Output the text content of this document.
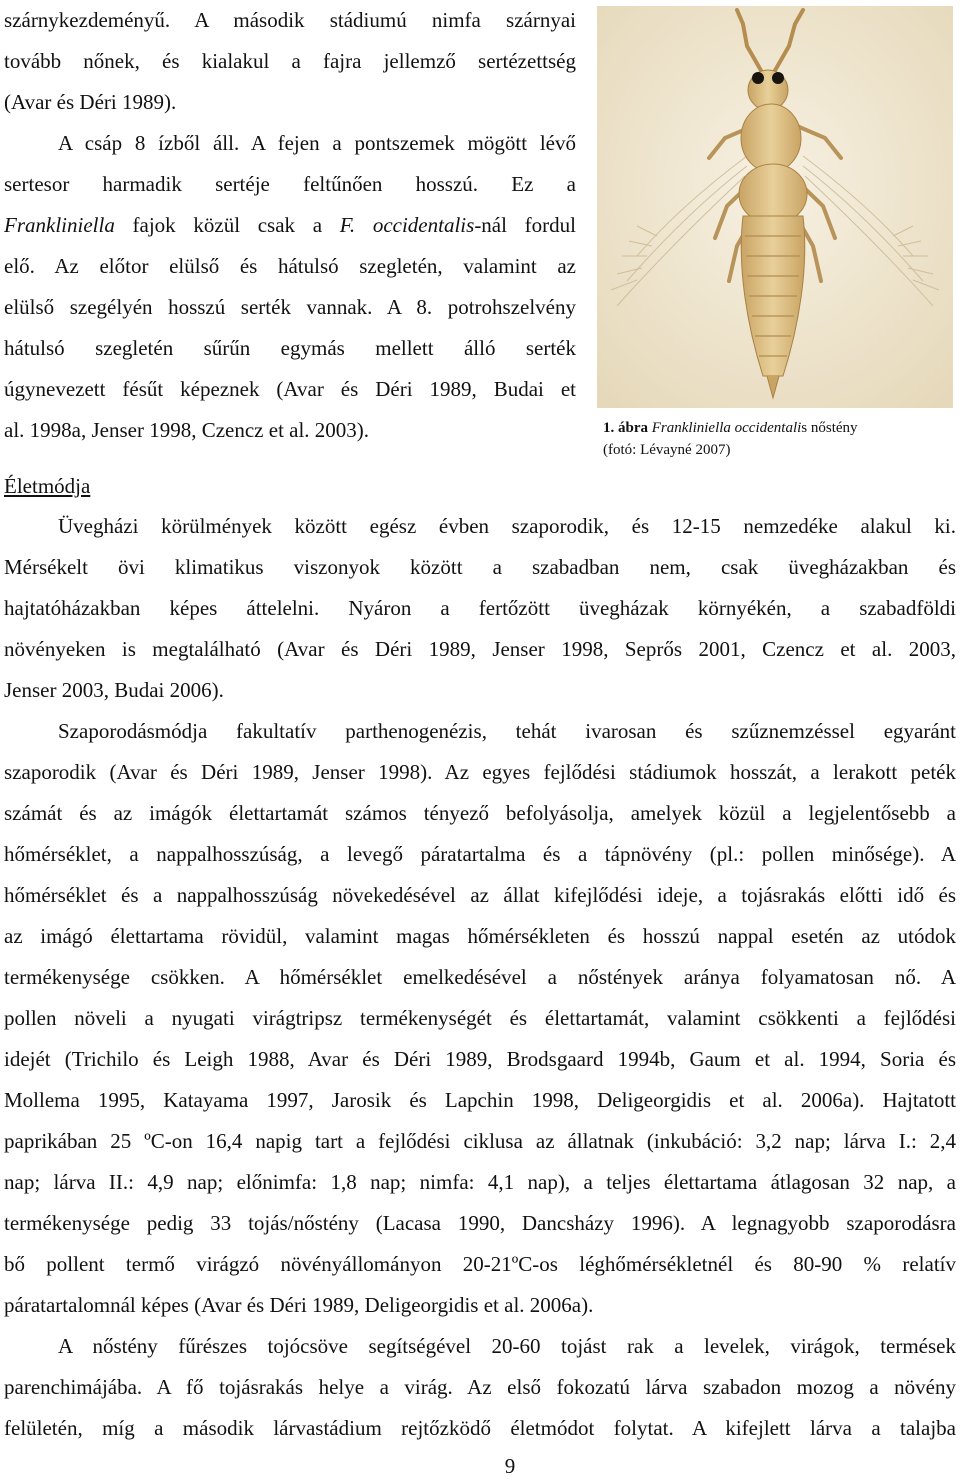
szárnykezdeményű. A második stádiumú nimfa szárnyai
tovább nőnek, és kialakul a fajra jellemző sertézettség
(Avar és Déri 1989).
A csáp 8 ízből áll. A fejen a pontszemek mögött lévő
sertesor harmadik sertéje feltűnően hosszú. Ez a
Frankliniella fajok közül csak a F. occidentalis-nál fordul
elő. Az előtor elülső és hátulsó szegletén, valamint az
elülső szegélyén hosszú serték vannak. A 8. potrohszelvény
hátulsó szegletén sűrűn egymás mellett álló serték
úgynevezett fésűt képeznek (Avar és Déri 1989, Budai et
al. 1998a, Jenser 1998, Czencz et al. 2003).	1. ábra Frankliniella occidentalis nőstény
(fotó: Lévayné 2007)
Életmódja
Üvegházi körülmények között egész évben szaporodik, és 12-15 nemzedéke alakul ki.
Mérsékelt övi klimatikus viszonyok között a szabadban nem, csak üvegházakban és
hajtatóházakban képes áttelelni. Nyáron a fertőzött üvegházak környékén, a szabadföldi
növényeken is megtalálható (Avar és Déri 1989, Jenser 1998, Seprős 2001, Czencz et al. 2003,
Jenser 2003, Budai 2006).
Szaporodásmódja fakultatív parthenogenézis, tehát ivarosan és szűznemzéssel egyaránt
szaporodik (Avar és Déri 1989, Jenser 1998). Az egyes fejlődési stádiumok hosszát, a lerakott peték
számát és az imágók élettartamát számos tényező befolyásolja, amelyek közül a legjelentősebb a
hőmérséklet, a nappalhosszúság, a levegő páratartalma és a tápnövény (pl.: pollen minősége). A
hőmérséklet és a nappalhosszúság növekedésével az állat kifejlődési ideje, a tojásrakás előtti idő és
az imágó élettartama rövidül, valamint magas hőmérsékleten és hosszú nappal esetén az utódok
termékenysége csökken. A hőmérséklet emelkedésével a nőstények aránya folyamatosan nő. A
pollen növeli a nyugati virágtripsz termékenységét és élettartamát, valamint csökkenti a fejlődési
idejét (Trichilo és Leigh 1988, Avar és Déri 1989, Brodsgaard 1994b, Gaum et al. 1994, Soria és
Mollema 1995, Katayama 1997, Jarosik és Lapchin 1998, Deligeorgidis et al. 2006a). Hajtatott
paprikában 25 ºC-on 16,4 napig tart a fejlődési ciklusa az állatnak (inkubáció: 3,2 nap; lárva I.: 2,4
nap; lárva II.: 4,9 nap; előnimfa: 1,8 nap; nimfa: 4,1 nap), a teljes élettartama átlagosan 32 nap, a
termékenysége pedig 33 tojás/nőstény (Lacasa 1990, Dancsházy 1996). A legnagyobb szaporodásra
bő pollent termő virágzó növényállományon 20-21ºC-os léghőmérsékletnél és 80-90 % relatív
páratartalomnál képes (Avar és Déri 1989, Deligeorgidis et al. 2006a).
A nőstény fűrészes tojócsöve segítségével 20-60 tojást rak a levelek, virágok, termések
parenchimájába. A fő tojásrakás helye a virág. Az első fokozatú lárva szabadon mozog a növény
felületén, míg a második lárvastádium rejtőzködő életmódot folytat. A kifejlett lárva a talajba
9
